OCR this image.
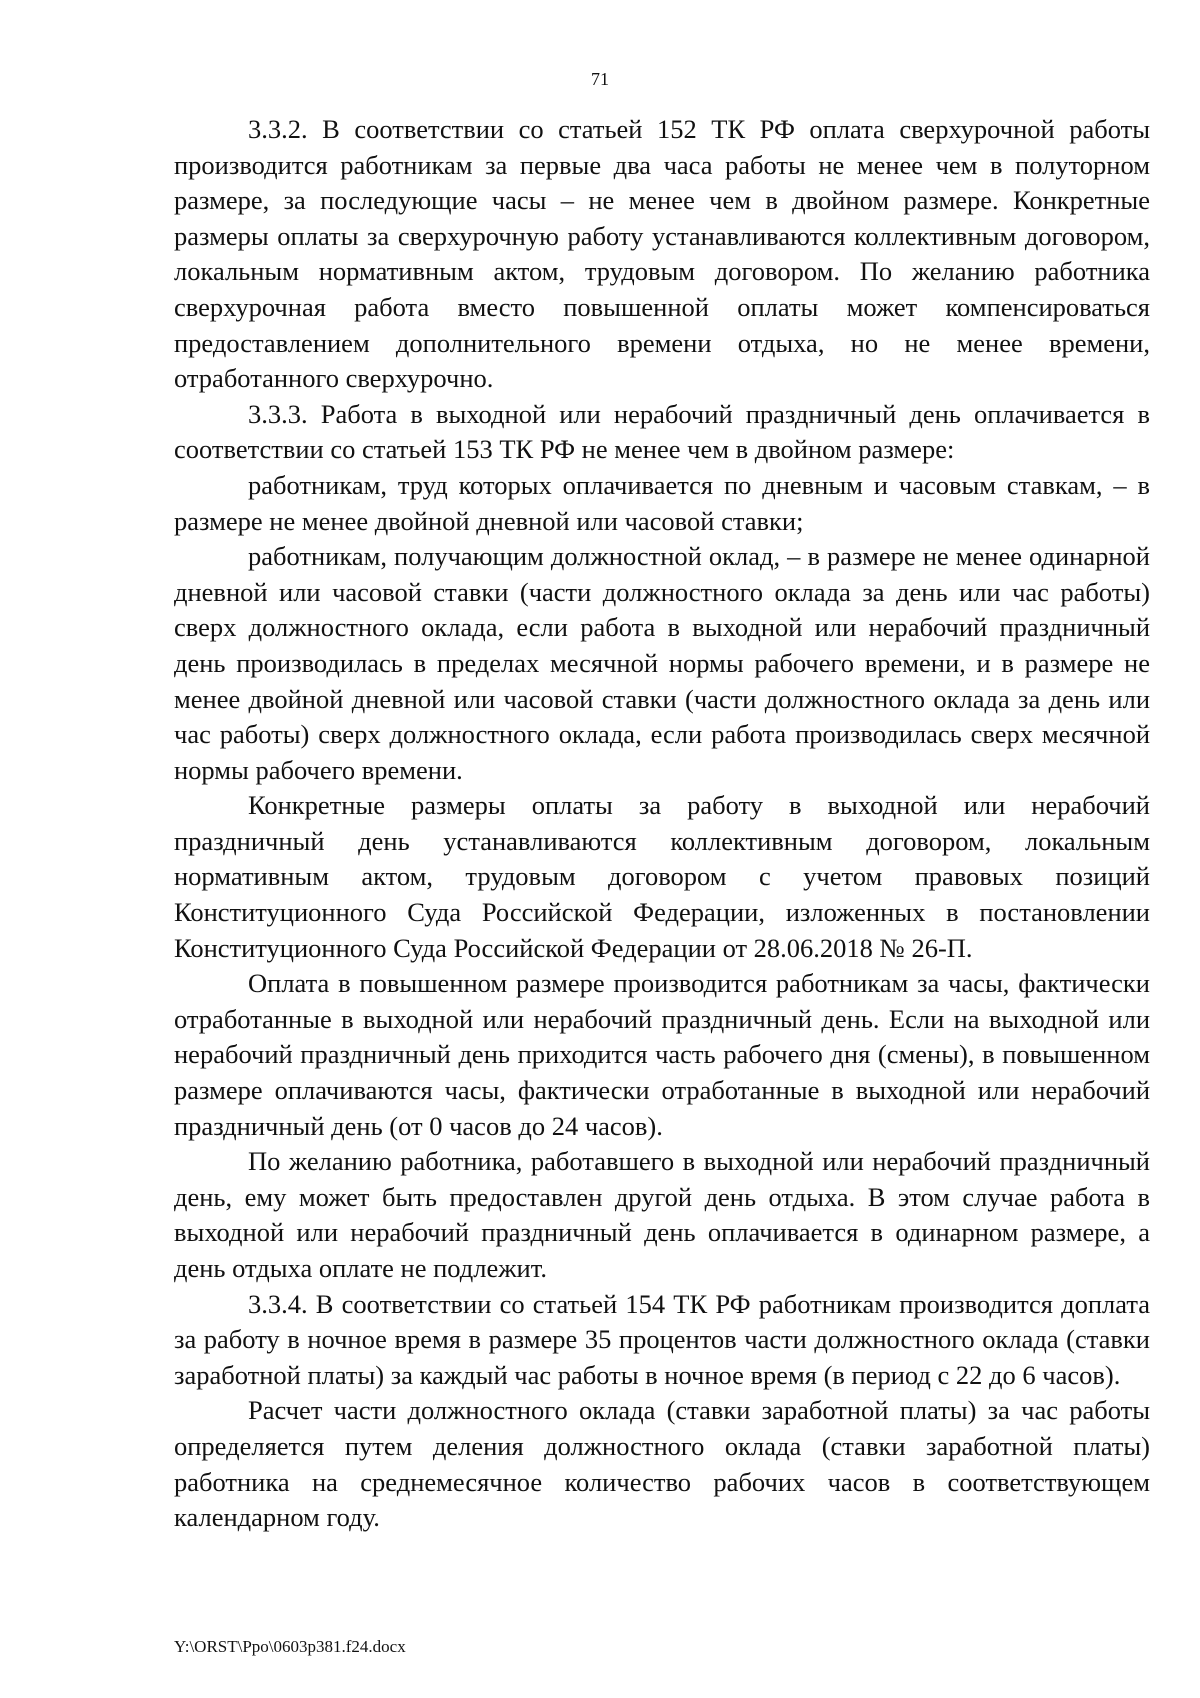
71

3.3.2. В соответствии со статьей 152 ТК РФ оплата сверхурочной работы производится работникам за первые два часа работы не менее чем в полуторном размере, за последующие часы – не менее чем в двойном размере. Конкретные размеры оплаты за сверхурочную работу устанавливаются коллективным договором, локальным нормативным актом, трудовым договором. По желанию работника сверхурочная работа вместо повышенной оплаты может компенсироваться предоставлением дополнительного времени отдыха, но не менее времени, отработанного сверхурочно.

3.3.3. Работа в выходной или нерабочий праздничный день оплачивается в соответствии со статьей 153 ТК РФ не менее чем в двойном размере:

работникам, труд которых оплачивается по дневным и часовым ставкам, – в размере не менее двойной дневной или часовой ставки;

работникам, получающим должностной оклад, – в размере не менее одинарной дневной или часовой ставки (части должностного оклада за день или час работы) сверх должностного оклада, если работа в выходной или нерабочий праздничный день производилась в пределах месячной нормы рабочего времени, и в размере не менее двойной дневной или часовой ставки (части должностного оклада за день или час работы) сверх должностного оклада, если работа производилась сверх месячной нормы рабочего времени.

Конкретные размеры оплаты за работу в выходной или нерабочий праздничный день устанавливаются коллективным договором, локальным нормативным актом, трудовым договором с учетом правовых позиций Конституционного Суда Российской Федерации, изложенных в постановлении Конституционного Суда Российской Федерации от 28.06.2018 № 26-П.

Оплата в повышенном размере производится работникам за часы, фактически отработанные в выходной или нерабочий праздничный день. Если на выходной или нерабочий праздничный день приходится часть рабочего дня (смены), в повышенном размере оплачиваются часы, фактически отработанные в выходной или нерабочий праздничный день (от 0 часов до 24 часов).

По желанию работника, работавшего в выходной или нерабочий праздничный день, ему может быть предоставлен другой день отдыха. В этом случае работа в выходной или нерабочий праздничный день оплачивается в одинарном размере, а день отдыха оплате не подлежит.

3.3.4. В соответствии со статьей 154 ТК РФ работникам производится доплата за работу в ночное время в размере 35 процентов части должностного оклада (ставки заработной платы) за каждый час работы в ночное время (в период с 22 до 6 часов).

Расчет части должностного оклада (ставки заработной платы) за час работы определяется путем деления должностного оклада (ставки заработной платы) работника на среднемесячное количество рабочих часов в соответствующем календарном году.

Y:\ORST\Ppo\0603p381.f24.docx
